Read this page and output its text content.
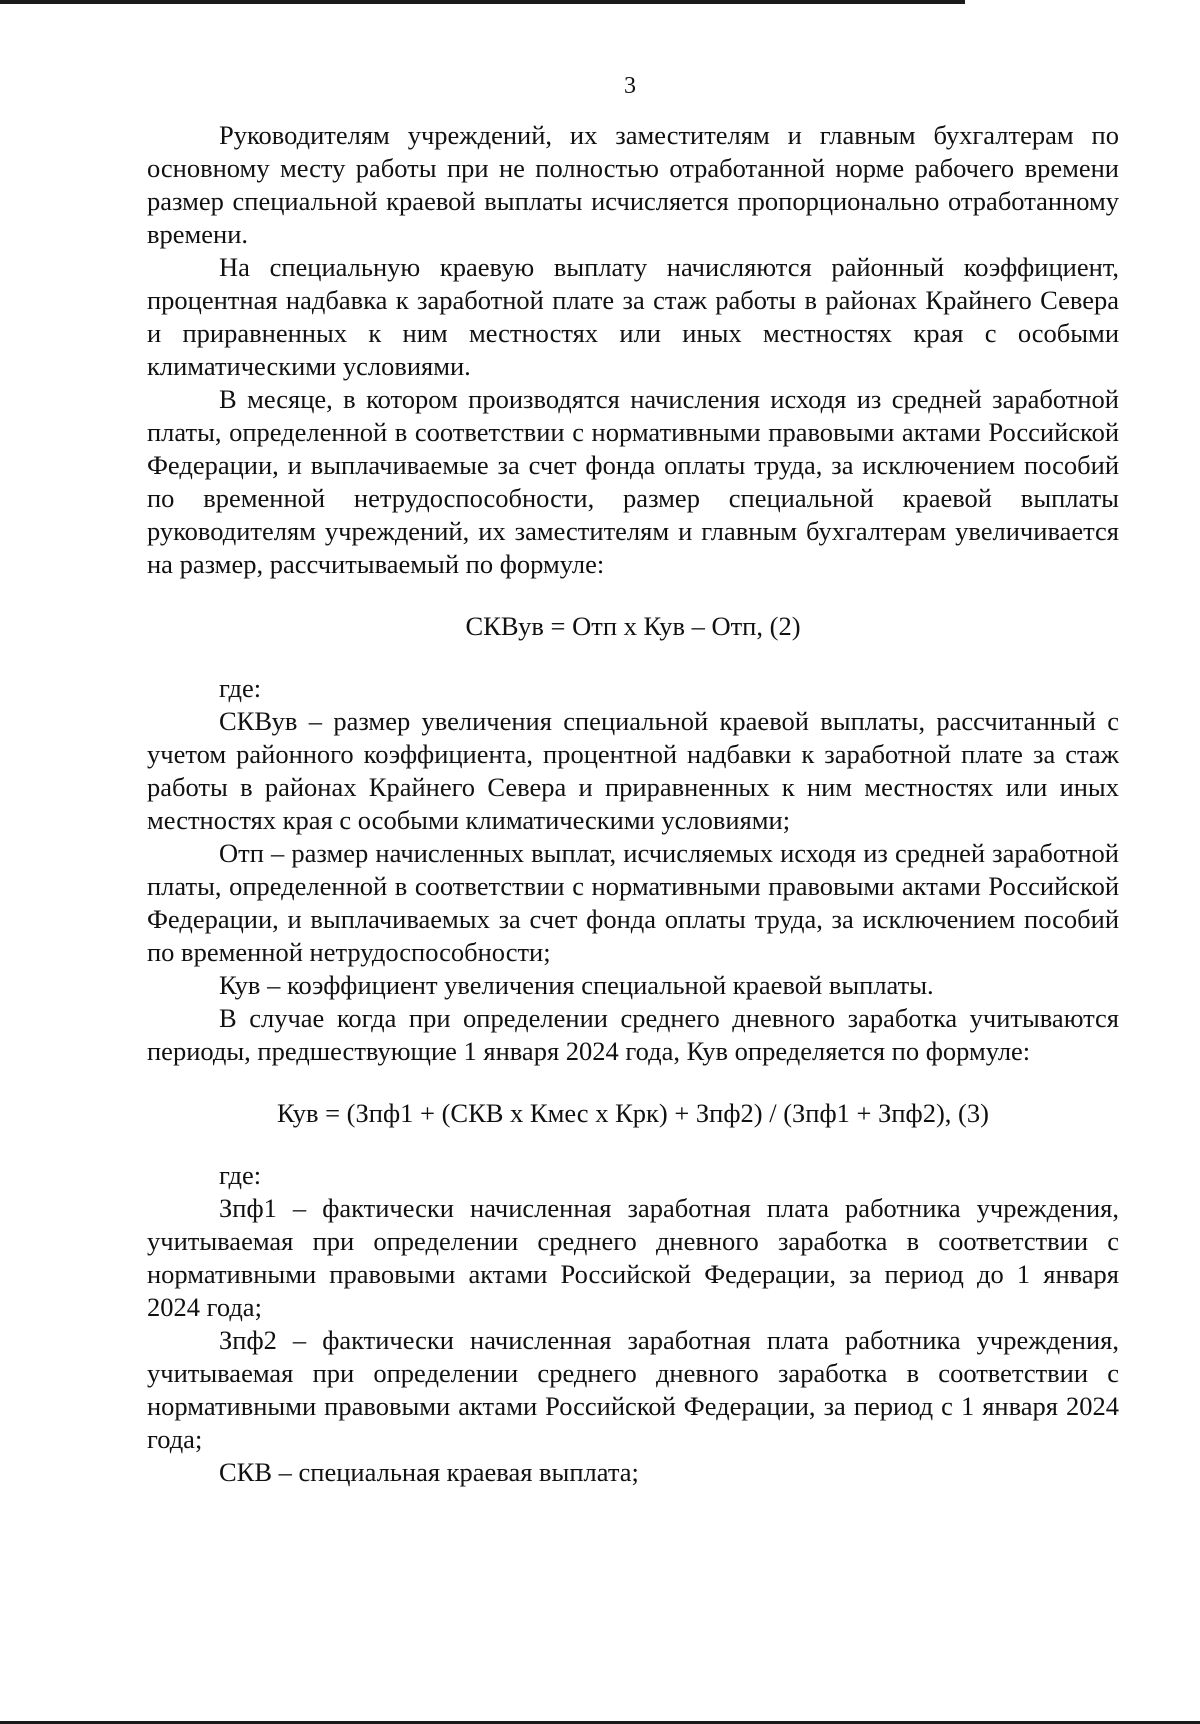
3

Руководителям учреждений, их заместителям и главным бухгалтерам по основному месту работы при не полностью отработанной норме рабочего времени размер специальной краевой выплаты исчисляется пропорционально отработанному времени.

На специальную краевую выплату начисляются районный коэффициент, процентная надбавка к заработной плате за стаж работы в районах Крайнего Севера и приравненных к ним местностях или иных местностях края с особыми климатическими условиями.

В месяце, в котором производятся начисления исходя из средней заработной платы, определенной в соответствии с нормативными правовыми актами Российской Федерации, и выплачиваемые за счет фонда оплаты труда, за исключением пособий по временной нетрудоспособности, размер специальной краевой выплаты руководителям учреждений, их заместителям и главным бухгалтерам увеличивается на размер, рассчитываемый по формуле:

СКВув = Отп х Кув – Отп, (2)

где:

СКВув – размер увеличения специальной краевой выплаты, рассчитанный с учетом районного коэффициента, процентной надбавки к заработной плате за стаж работы в районах Крайнего Севера и приравненных к ним местностях или иных местностях края с особыми климатическими условиями;

Отп – размер начисленных выплат, исчисляемых исходя из средней заработной платы, определенной в соответствии с нормативными правовыми актами Российской Федерации, и выплачиваемых за счет фонда оплаты труда, за исключением пособий по временной нетрудоспособности;

Кув – коэффициент увеличения специальной краевой выплаты.

В случае когда при определении среднего дневного заработка учитываются периоды, предшествующие 1 января 2024 года, Кув определяется по формуле:

Кув = (Зпф1 + (СКВ х Кмес х Крк) + Зпф2) / (Зпф1 + Зпф2), (3)

где:

Зпф1 – фактически начисленная заработная плата работника учреждения, учитываемая при определении среднего дневного заработка в соответствии с нормативными правовыми актами Российской Федерации, за период до 1 января 2024 года;

Зпф2 – фактически начисленная заработная плата работника учреждения, учитываемая при определении среднего дневного заработка в соответствии с нормативными правовыми актами Российской Федерации, за период с 1 января 2024 года;

СКВ – специальная краевая выплата;
